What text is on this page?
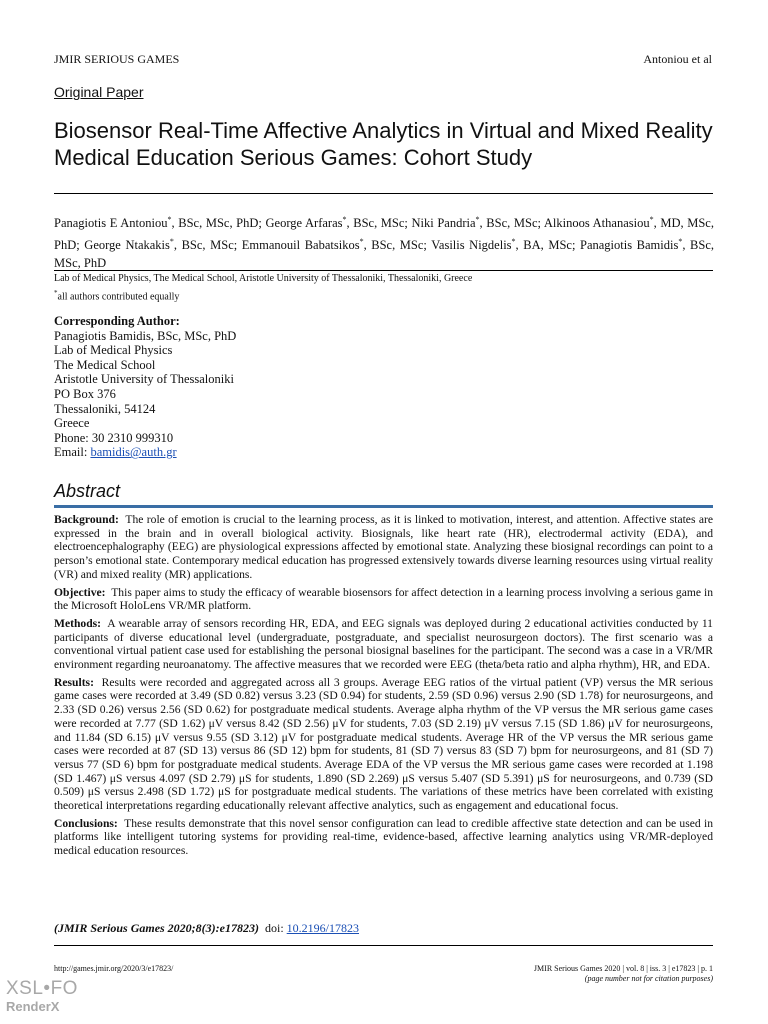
JMIR SERIOUS GAMES	Antoniou et al
Original Paper
Biosensor Real-Time Affective Analytics in Virtual and Mixed Reality Medical Education Serious Games: Cohort Study
Panagiotis E Antoniou*, BSc, MSc, PhD; George Arfaras*, BSc, MSc; Niki Pandria*, BSc, MSc; Alkinoos Athanasiou*, MD, MSc, PhD; George Ntakakis*, BSc, MSc; Emmanouil Babatsikos*, BSc, MSc; Vasilis Nigdelis*, BA, MSc; Panagiotis Bamidis*, BSc, MSc, PhD
Lab of Medical Physics, The Medical School, Aristotle University of Thessaloniki, Thessaloniki, Greece
*all authors contributed equally
Corresponding Author:
Panagiotis Bamidis, BSc, MSc, PhD
Lab of Medical Physics
The Medical School
Aristotle University of Thessaloniki
PO Box 376
Thessaloniki, 54124
Greece
Phone: 30 2310 999310
Email: bamidis@auth.gr
Abstract

Background: The role of emotion is crucial to the learning process, as it is linked to motivation, interest, and attention. Affective states are expressed in the brain and in overall biological activity. Biosignals, like heart rate (HR), electrodermal activity (EDA), and electroencephalography (EEG) are physiological expressions affected by emotional state. Analyzing these biosignal recordings can point to a person’s emotional state. Contemporary medical education has progressed extensively towards diverse learning resources using virtual reality (VR) and mixed reality (MR) applications.

Objective: This paper aims to study the efficacy of wearable biosensors for affect detection in a learning process involving a serious game in the Microsoft HoloLens VR/MR platform.

Methods: A wearable array of sensors recording HR, EDA, and EEG signals was deployed during 2 educational activities conducted by 11 participants of diverse educational level (undergraduate, postgraduate, and specialist neurosurgeon doctors). The first scenario was a conventional virtual patient case used for establishing the personal biosignal baselines for the participant. The second was a case in a VR/MR environment regarding neuroanatomy. The affective measures that we recorded were EEG (theta/beta ratio and alpha rhythm), HR, and EDA.

Results: Results were recorded and aggregated across all 3 groups. Average EEG ratios of the virtual patient (VP) versus the MR serious game cases were recorded at 3.49 (SD 0.82) versus 3.23 (SD 0.94) for students, 2.59 (SD 0.96) versus 2.90 (SD 1.78) for neurosurgeons, and 2.33 (SD 0.26) versus 2.56 (SD 0.62) for postgraduate medical students. Average alpha rhythm of the VP versus the MR serious game cases were recorded at 7.77 (SD 1.62) μV versus 8.42 (SD 2.56) μV for students, 7.03 (SD 2.19) μV versus 7.15 (SD 1.86) μV for neurosurgeons, and 11.84 (SD 6.15) μV versus 9.55 (SD 3.12) μV for postgraduate medical students. Average HR of the VP versus the MR serious game cases were recorded at 87 (SD 13) versus 86 (SD 12) bpm for students, 81 (SD 7) versus 83 (SD 7) bpm for neurosurgeons, and 81 (SD 7) versus 77 (SD 6) bpm for postgraduate medical students. Average EDA of the VP versus the MR serious game cases were recorded at 1.198 (SD 1.467) μS versus 4.097 (SD 2.79) μS for students, 1.890 (SD 2.269) μS versus 5.407 (SD 5.391) μS for neurosurgeons, and 0.739 (SD 0.509) μS versus 2.498 (SD 1.72) μS for postgraduate medical students. The variations of these metrics have been correlated with existing theoretical interpretations regarding educationally relevant affective analytics, such as engagement and educational focus.

Conclusions: These results demonstrate that this novel sensor configuration can lead to credible affective state detection and can be used in platforms like intelligent tutoring systems for providing real-time, evidence-based, affective learning analytics using VR/MR-deployed medical education resources.

(JMIR Serious Games 2020;8(3):e17823) doi: 10.2196/17823
http://games.jmir.org/2020/3/e17823/	JMIR Serious Games 2020 | vol. 8 | iss. 3 | e17823 | p. 1
(page number not for citation purposes)
XSL•FO
RenderX
